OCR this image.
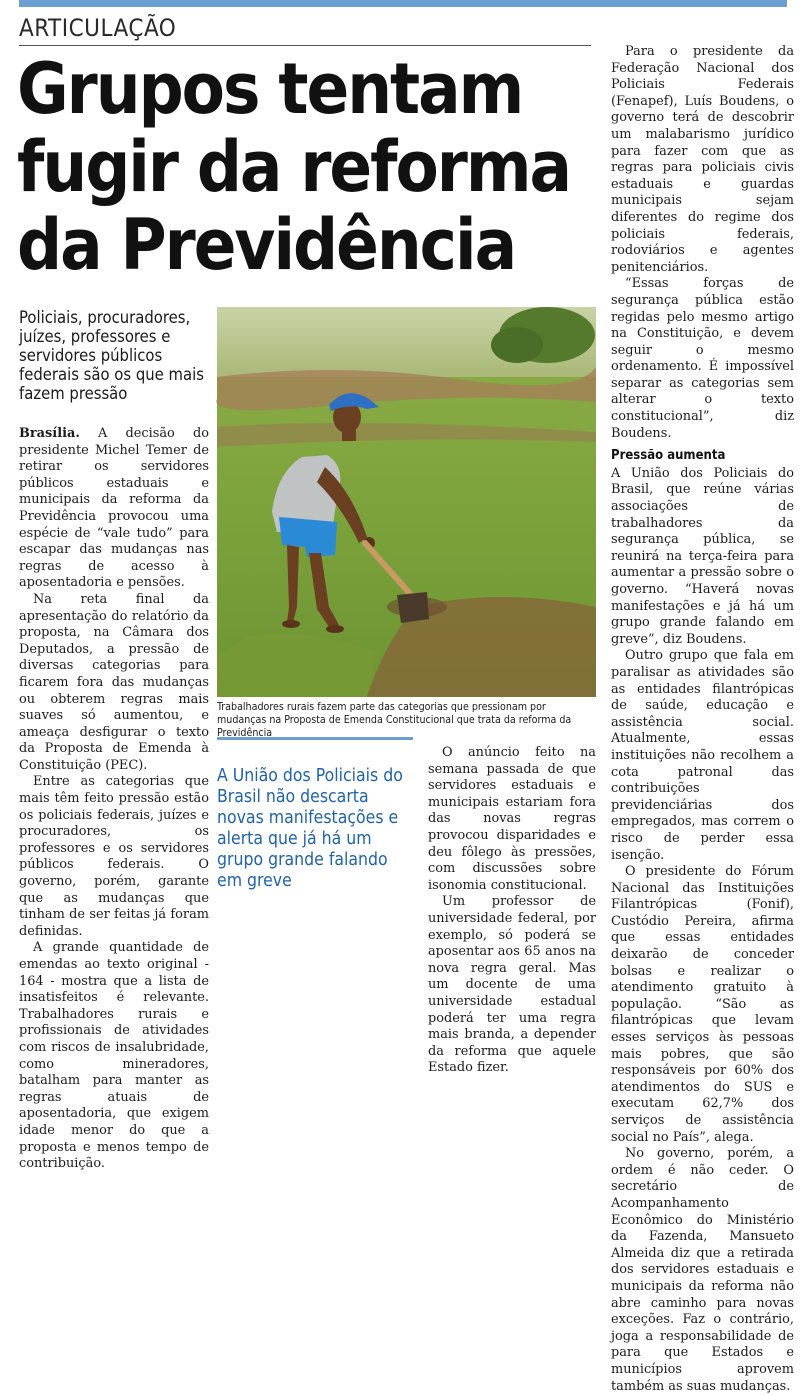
ARTICULAÇÃO
Grupos tentam
fugir da reforma
da Previdência
Policiais, procuradores, juízes, professores e servidores públicos federais são os que mais fazem pressão

Brasília. A decisão do presidente Michel Temer de retirar os servidores públicos estaduais e municipais da reforma da Previdência provocou uma espécie de “vale tudo” para escapar das mudanças nas regras de acesso à aposentadoria e pensões.

Na reta final da apresentação do relatório da proposta, na Câmara dos Deputados, a pressão de diversas categorias para ficarem fora das mudanças ou obterem regras mais suaves só aumentou, e ameaça desfigurar o texto da Proposta de Emenda à Constituição (PEC).

Entre as categorias que mais têm feito pressão estão os policiais federais, juízes e procuradores, os professores e os servidores públicos federais. O governo, porém, garante que as mudanças que tinham de ser feitas já foram definidas.

A grande quantidade de emendas ao texto original - 164 - mostra que a lista de insatisfeitos é relevante. Trabalhadores rurais e profissionais de atividades com riscos de insalubridade, como mineradores, batalham para manter as regras atuais de aposentadoria, que exigem idade menor do que a proposta e menos tempo de contribuição.

Trabalhadores rurais fazem parte das categorias que pressionam por mudanças na Proposta de Emenda Constitucional que trata da reforma da Previdência
A União dos Policiais do Brasil não descarta novas manifestações e alerta que já há um grupo grande falando em greve

O anúncio feito na semana passada de que servidores estaduais e municipais estariam fora das novas regras provocou disparidades e deu fôlego às pressões, com discussões sobre isonomia constitucional.

Um professor de universidade federal, por exemplo, só poderá se aposentar aos 65 anos na nova regra geral. Mas um docente de uma universidade estadual poderá ter uma regra mais branda, a depender da reforma que aquele Estado fizer.

Para o presidente da Federação Nacional dos Policiais Federais (Fenapef), Luís Boudens, o governo terá de descobrir um malabarismo jurídico para fazer com que as regras para policiais civis estaduais e guardas municipais sejam diferentes do regime dos policiais federais, rodoviários e agentes penitenciários.

“Essas forças de segurança pública estão regidas pelo mesmo artigo na Constituição, e devem seguir o mesmo ordenamento. É impossível separar as categorias sem alterar o texto constitucional”, diz Boudens.

Pressão aumenta

A União dos Policiais do Brasil, que reúne várias associações de trabalhadores da segurança pública, se reunirá na terça-feira para aumentar a pressão sobre o governo. “Haverá novas manifestações e já há um grupo grande falando em greve”, diz Boudens.

Outro grupo que fala em paralisar as atividades são as entidades filantrópicas de saúde, educação e assistência social. Atualmente, essas instituições não recolhem a cota patronal das contribuições previdenciárias dos empregados, mas correm o risco de perder essa isenção.

O presidente do Fórum Nacional das Instituições Filantrópicas (Fonif), Custódio Pereira, afirma que essas entidades deixarão de conceder bolsas e realizar o atendimento gratuito à população. “São as filantrópicas que levam esses serviços às pessoas mais pobres, que são responsáveis por 60% dos atendimentos do SUS e executam 62,7% dos serviços de assistência social no País”, alega.

No governo, porém, a ordem é não ceder. O secretário de Acompanhamento Econômico do Ministério da Fazenda, Mansueto Almeida diz que a retirada dos servidores estaduais e municipais da reforma não abre caminho para novas exceções. Faz o contrário, joga a responsabilidade de para que Estados e municípios aprovem também as suas mudanças.
